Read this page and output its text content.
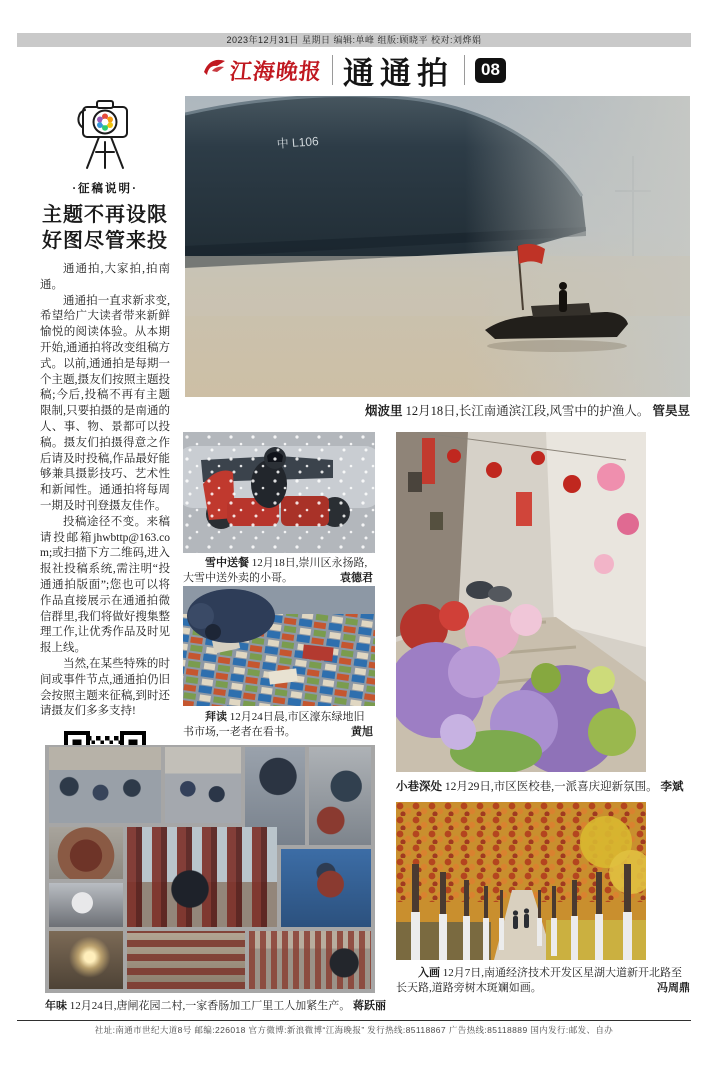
2023年12月31日 星期日 编辑:单峰 组版:顾晓平 校对:刘烨娟
江海晚报 通通拍	08
·征稿说明·
主题不再设限
好图尽管来投

通通拍,大家拍,拍南通。

通通拍一直求新求变,希望给广大读者带来新鲜愉悦的阅读体验。从本期开始,通通拍将改变组稿方式。以前,通通拍是每期一个主题,摄友们按照主题投稿;今后,投稿不再有主题限制,只要拍摄的是南通的人、事、物、景都可以投稿。摄友们拍摄得意之作后请及时投稿,作品最好能够兼具摄影技巧、艺术性和新闻性。通通拍将每周一期及时刊登摄友佳作。

投稿途径不变。来稿请投邮箱jhwbttp@163.com;或扫描下方二维码,进入报社投稿系统,需注明“投通通拍版面”;您也可以将作品直接展示在通通拍微信群里,我们将做好搜集整理工作,让优秀作品及时见报上线。

当然,在某些特殊的时间或事件节点,通通拍仍旧会按照主题来征稿,到时还请摄友们多多支持!

中 L106
烟波里 12月18日,长江南通滨江段,风雪中的护渔人。 管昊昱
雪中送餐 12月18日,崇川区永扬路,大雪中送外卖的小哥。	袁德君
拜读 12月24日晨,市区濠东绿地旧书市场,一老者在看书。	黄旭
小巷深处 12月29日,市区医校巷,一派喜庆迎新氛围。 李斌
入画 12月7日,南通经济技术开发区星湖大道新开北路至长天路,道路旁树木斑斓如画。	冯周鼎
年味 12月24日,唐闸花园二村,一家香肠加工厂里工人加紧生产。 蒋跃丽
社址:南通市世纪大道8号 邮编:226018 官方微博:新浪微博“江海晚报” 发行热线:85118867 广告热线:85118889 国内发行:邮发、自办
